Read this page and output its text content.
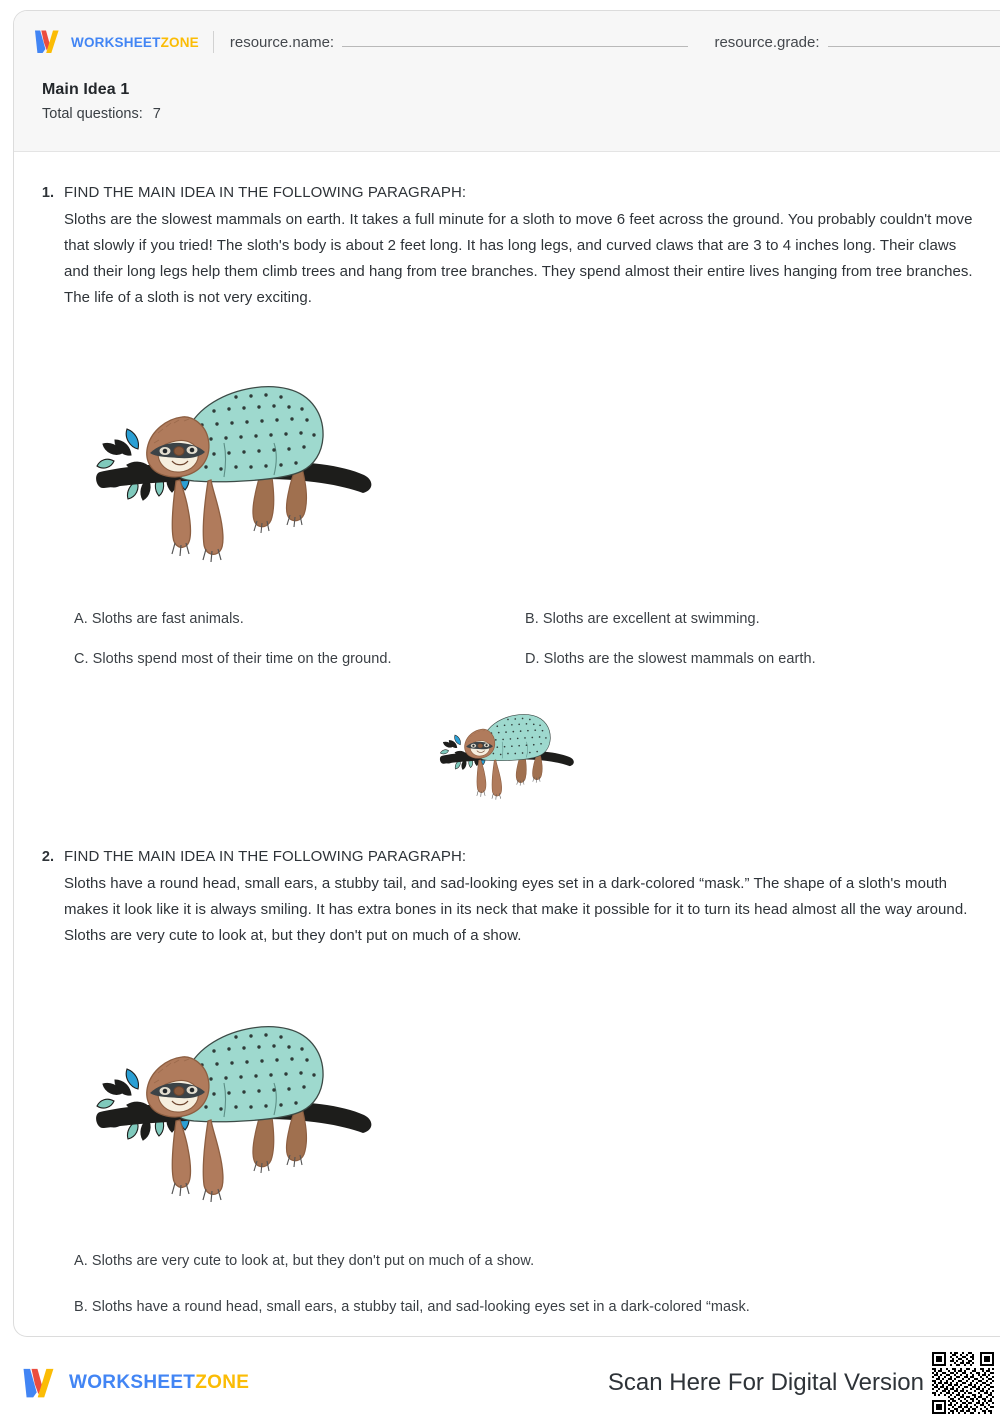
WORKSHEETZONE resource.name:	resource.grade:
Main Idea 1
Total questions: 7
1. FIND THE MAIN IDEA IN THE FOLLOWING PARAGRAPH:

Sloths are the slowest mammals on earth. It takes a full minute for a sloth to move 6 feet across the ground. You probably couldn't move that slowly if you tried! The sloth's body is about 2 feet long. It has long legs, and curved claws that are 3 to 4 inches long. Their claws and their long legs help them climb trees and hang from tree branches. They spend almost their entire lives hanging from tree branches. The life of a sloth is not very exciting.

A. Sloths are fast animals.	B. Sloths are excellent at swimming.
C. Sloths spend most of their time on the ground.	D. Sloths are the slowest mammals on earth.
2. FIND THE MAIN IDEA IN THE FOLLOWING PARAGRAPH:

Sloths have a round head, small ears, a stubby tail, and sad-looking eyes set in a dark-colored “mask.” The shape of a sloth's mouth makes it look like it is always smiling. It has extra bones in its neck that make it possible for it to turn its head almost all the way around. Sloths are very cute to look at, but they don't put on much of a show.

A. Sloths are very cute to look at, but they don't put on much of a show.
B. Sloths have a round head, small ears, a stubby tail, and sad-looking eyes set in a dark-colored “mask.
WORKSHEETZONE	Scan Here For Digital Version
